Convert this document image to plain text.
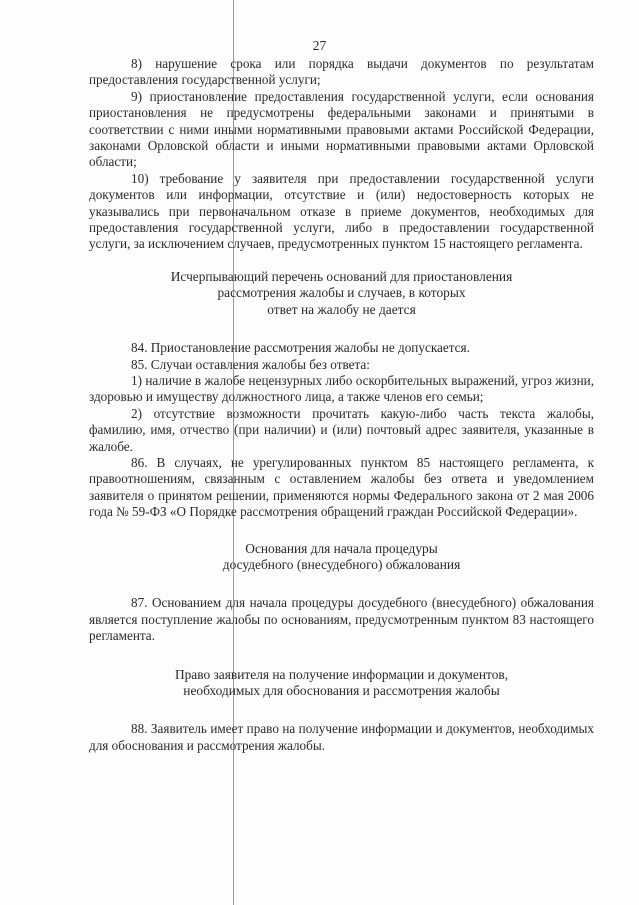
27

8) нарушение срока или порядка выдачи документов по результатам предоставления государственной услуги;

9) приостановление предоставления государственной услуги, если основания приостановления не предусмотрены федеральными законами и принятыми в соответствии с ними иными нормативными правовыми актами Российской Федерации, законами Орловской области и иными нормативными правовыми актами Орловской области;

10) требование у заявителя при предоставлении государственной услуги документов или информации, отсутствие и (или) недостоверность которых не указывались при первоначальном отказе в приеме документов, необходимых для предоставления государственной услуги, либо в предоставлении государственной услуги, за исключением случаев, предусмотренных пунктом 15 настоящего регламента.

Исчерпывающий перечень оснований для приостановления
рассмотрения жалобы и случаев, в которых
ответ на жалобу не дается

84. Приостановление рассмотрения жалобы не допускается.

85. Случаи оставления жалобы без ответа:

1) наличие в жалобе нецензурных либо оскорбительных выражений, угроз жизни, здоровью и имуществу должностного лица, а также членов его семьи;

2) отсутствие возможности прочитать какую-либо часть текста жалобы, фамилию, имя, отчество (при наличии) и (или) почтовый адрес заявителя, указанные в жалобе.

86. В случаях, не урегулированных пунктом 85 настоящего регламента, к правоотношениям, связанным с оставлением жалобы без ответа и уведомлением заявителя о принятом решении, применяются нормы Федерального закона от 2 мая 2006 года № 59-ФЗ «О Порядке рассмотрения обращений граждан Российской Федерации».

Основания для начала процедуры
досудебного (внесудебного) обжалования

87. Основанием для начала процедуры досудебного (внесудебного) обжалования является поступление жалобы по основаниям, предусмотренным пунктом 83 настоящего регламента.

Право заявителя на получение информации и документов,
необходимых для обоснования и рассмотрения жалобы

88. Заявитель имеет право на получение информации и документов, необходимых для обоснования и рассмотрения жалобы.
